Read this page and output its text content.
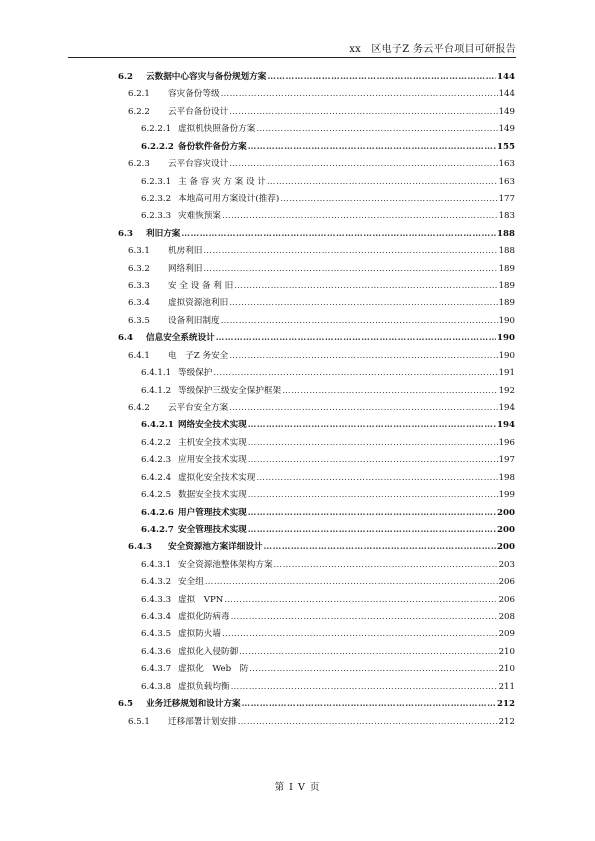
xx　区电子Z 务云平台项目可研报告
6.2	云数据中心容灾与备份规划方案 …………………………………………………………………………………………………………………………………………………………………………………………………………………………	144
6.2.1	容灾备份等级 …………………………………………………………………………………………………………………………………………………………………………………………………………………………	144
6.2.2	云平台备份设计 …………………………………………………………………………………………………………………………………………………………………………………………………………………………	149
6.2.2.1 虚拟机快照备份方案 …………………………………………………………………………………………………………………………………………………………………………………………………………………………	149
6.2.2.2 备份软件备份方案 …………………………………………………………………………………………………………………………………………………………………………………………………………………………	155
6.2.3	云平台容灾设计 …………………………………………………………………………………………………………………………………………………………………………………………………………………………	163
6.2.3.1 主 备 容 灾 方 案 设 计 …………………………………………………………………………………………………………………………………………………………………………………………………………………………	163
6.2.3.2 本地高可用方案设计(推荐) …………………………………………………………………………………………………………………………………………………………………………………………………………………………	177
6.2.3.3 灾难恢预案 …………………………………………………………………………………………………………………………………………………………………………………………………………………………	183
6.3	利旧方案 …………………………………………………………………………………………………………………………………………………………………………………………………………………………	188
6.3.1	机房利旧 …………………………………………………………………………………………………………………………………………………………………………………………………………………………	188
6.3.2	网络利旧 …………………………………………………………………………………………………………………………………………………………………………………………………………………………	189
6.3.3	安 全 设 备 利 旧 …………………………………………………………………………………………………………………………………………………………………………………………………………………………	189
6.3.4	虚拟资源池利旧 …………………………………………………………………………………………………………………………………………………………………………………………………………………………	189
6.3.5	设备利旧制度 …………………………………………………………………………………………………………………………………………………………………………………………………………………………	190
6.4	信息安全系统设计 …………………………………………………………………………………………………………………………………………………………………………………………………………………………	190
6.4.1	电　子Z 务安全 …………………………………………………………………………………………………………………………………………………………………………………………………………………………	190
6.4.1.1 等级保护 …………………………………………………………………………………………………………………………………………………………………………………………………………………………	191
6.4.1.2 等级保护三级安全保护框架 …………………………………………………………………………………………………………………………………………………………………………………………………………………………	192
6.4.2	云平台安全方案 …………………………………………………………………………………………………………………………………………………………………………………………………………………………	194
6.4.2.1 网络安全技术实现 …………………………………………………………………………………………………………………………………………………………………………………………………………………………	194
6.4.2.2 主机安全技术实现 …………………………………………………………………………………………………………………………………………………………………………………………………………………………	196
6.4.2.3 应用安全技术实现 …………………………………………………………………………………………………………………………………………………………………………………………………………………………	197
6.4.2.4 虚拟化安全技术实现 …………………………………………………………………………………………………………………………………………………………………………………………………………………………	198
6.4.2.5 数据安全技术实现 …………………………………………………………………………………………………………………………………………………………………………………………………………………………	199
6.4.2.6 用户管理技术实现 …………………………………………………………………………………………………………………………………………………………………………………………………………………………	200
6.4.2.7 安全管理技术实现 …………………………………………………………………………………………………………………………………………………………………………………………………………………………	200
6.4.3	安全资源池方案详细设计 …………………………………………………………………………………………………………………………………………………………………………………………………………………………	200
6.4.3.1 安全资源池整体架构方案 …………………………………………………………………………………………………………………………………………………………………………………………………………………………	203
6.4.3.2 安全组 …………………………………………………………………………………………………………………………………………………………………………………………………………………………	206
6.4.3.3 虚拟　VPN …………………………………………………………………………………………………………………………………………………………………………………………………………………………	206
6.4.3.4 虚拟化防病毒 …………………………………………………………………………………………………………………………………………………………………………………………………………………………	208
6.4.3.5 虚拟防火墙 …………………………………………………………………………………………………………………………………………………………………………………………………………………………	209
6.4.3.6 虚拟化入侵防御 …………………………………………………………………………………………………………………………………………………………………………………………………………………………	210
6.4.3.7 虚拟化　Web　防 …………………………………………………………………………………………………………………………………………………………………………………………………………………………	210
6.4.3.8 虚拟负载均衡 …………………………………………………………………………………………………………………………………………………………………………………………………………………………	211
6.5	业务迁移规划和设计方案 …………………………………………………………………………………………………………………………………………………………………………………………………………………………	212
6.5.1	迁移部署计划安排 …………………………………………………………………………………………………………………………………………………………………………………………………………………………	212
第 I V 页
